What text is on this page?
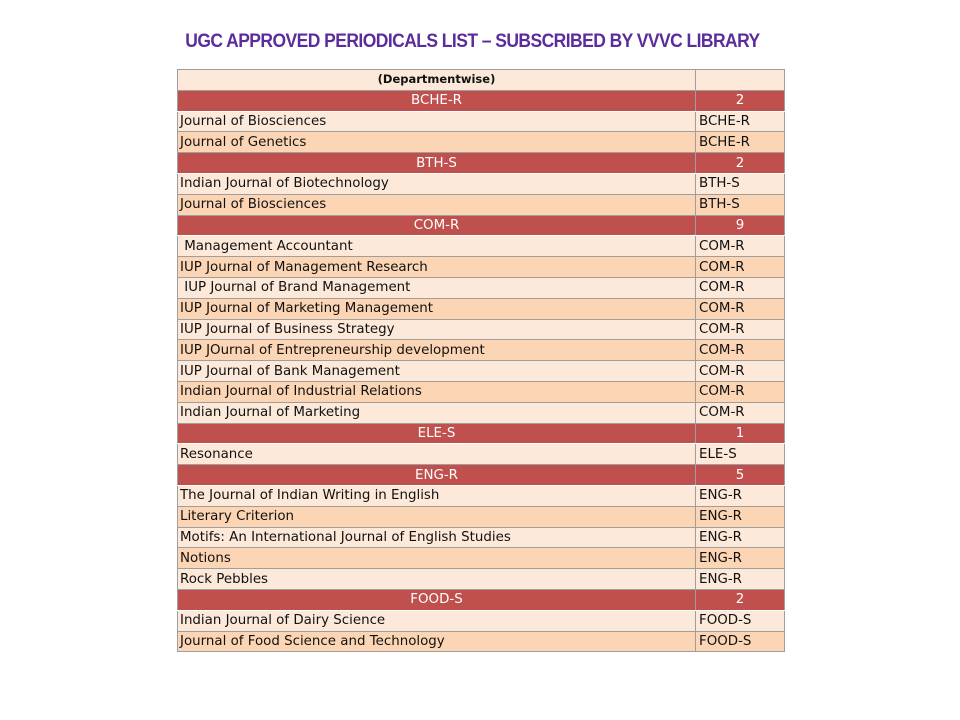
UGC APPROVED PERIODICALS LIST – SUBSCRIBED BY VVVC LIBRARY
(Departmentwise)	
BCHE-R	2
Journal of Biosciences	BCHE-R
Journal of Genetics	BCHE-R
BTH-S	2
Indian Journal of Biotechnology	BTH-S
Journal of Biosciences	BTH-S
COM-R	9
Management Accountant	COM-R
IUP Journal of Management Research	COM-R
IUP Journal of Brand Management	COM-R
IUP Journal of Marketing Management	COM-R
IUP Journal of Business Strategy	COM-R
IUP JOurnal of Entrepreneurship development	COM-R
IUP Journal of Bank Management	COM-R
Indian Journal of Industrial Relations	COM-R
Indian Journal of Marketing	COM-R
ELE-S	1
Resonance	ELE-S
ENG-R	5
The Journal of Indian Writing in English	ENG-R
Literary Criterion	ENG-R
Motifs: An International Journal of English Studies	ENG-R
Notions	ENG-R
Rock Pebbles	ENG-R
FOOD-S	2
Indian Journal of Dairy Science	FOOD-S
Journal of Food Science and Technology	FOOD-S
